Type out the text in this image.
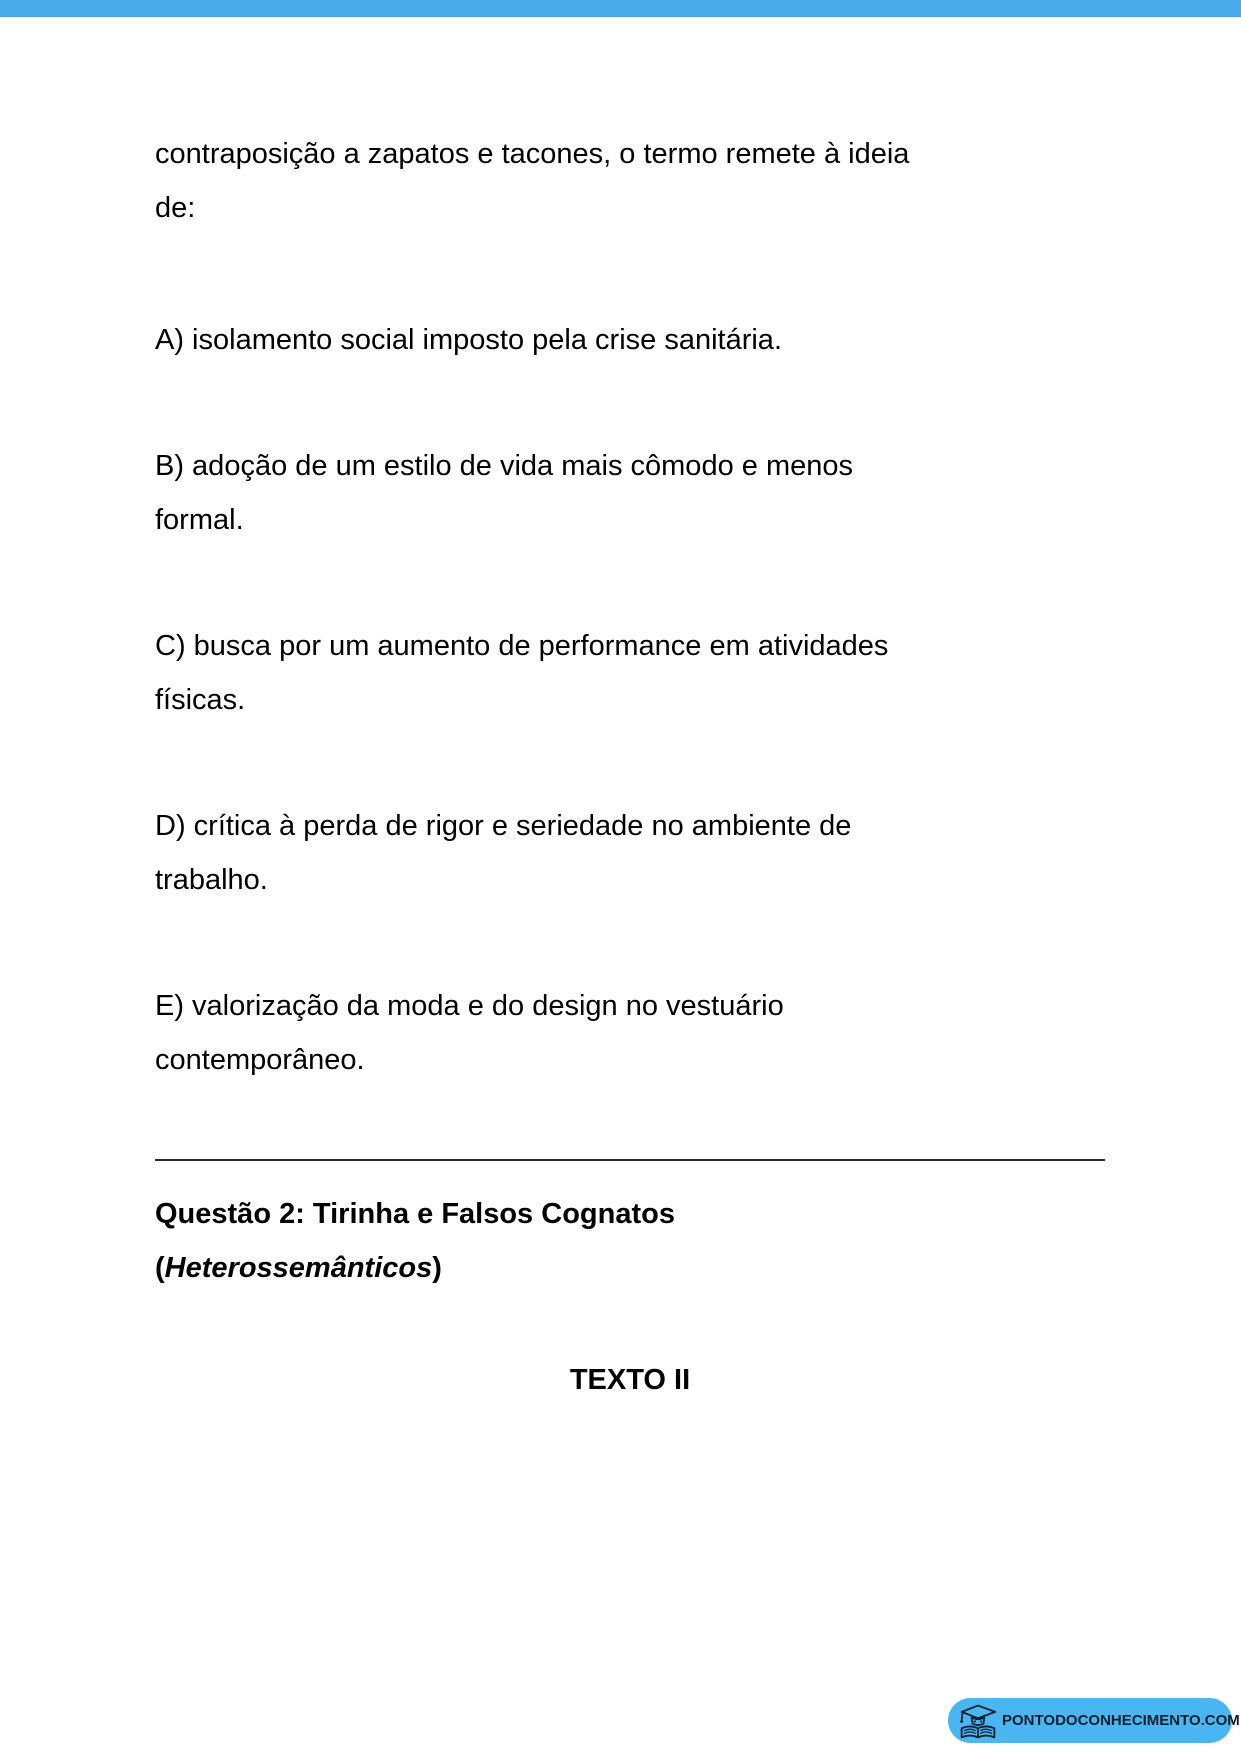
contraposição a zapatos e tacones, o termo remete à ideia
de:
A) isolamento social imposto pela crise sanitária.
B) adoção de um estilo de vida mais cômodo e menos
formal.
C) busca por um aumento de performance em atividades
físicas.
D) crítica à perda de rigor e seriedade no ambiente de
trabalho.
E) valorização da moda e do design no vestuário
contemporâneo.
Questão 2: Tirinha e Falsos Cognatos
(Heterossemânticos)
TEXTO II
PONTODOCONHECIMENTO.COM
